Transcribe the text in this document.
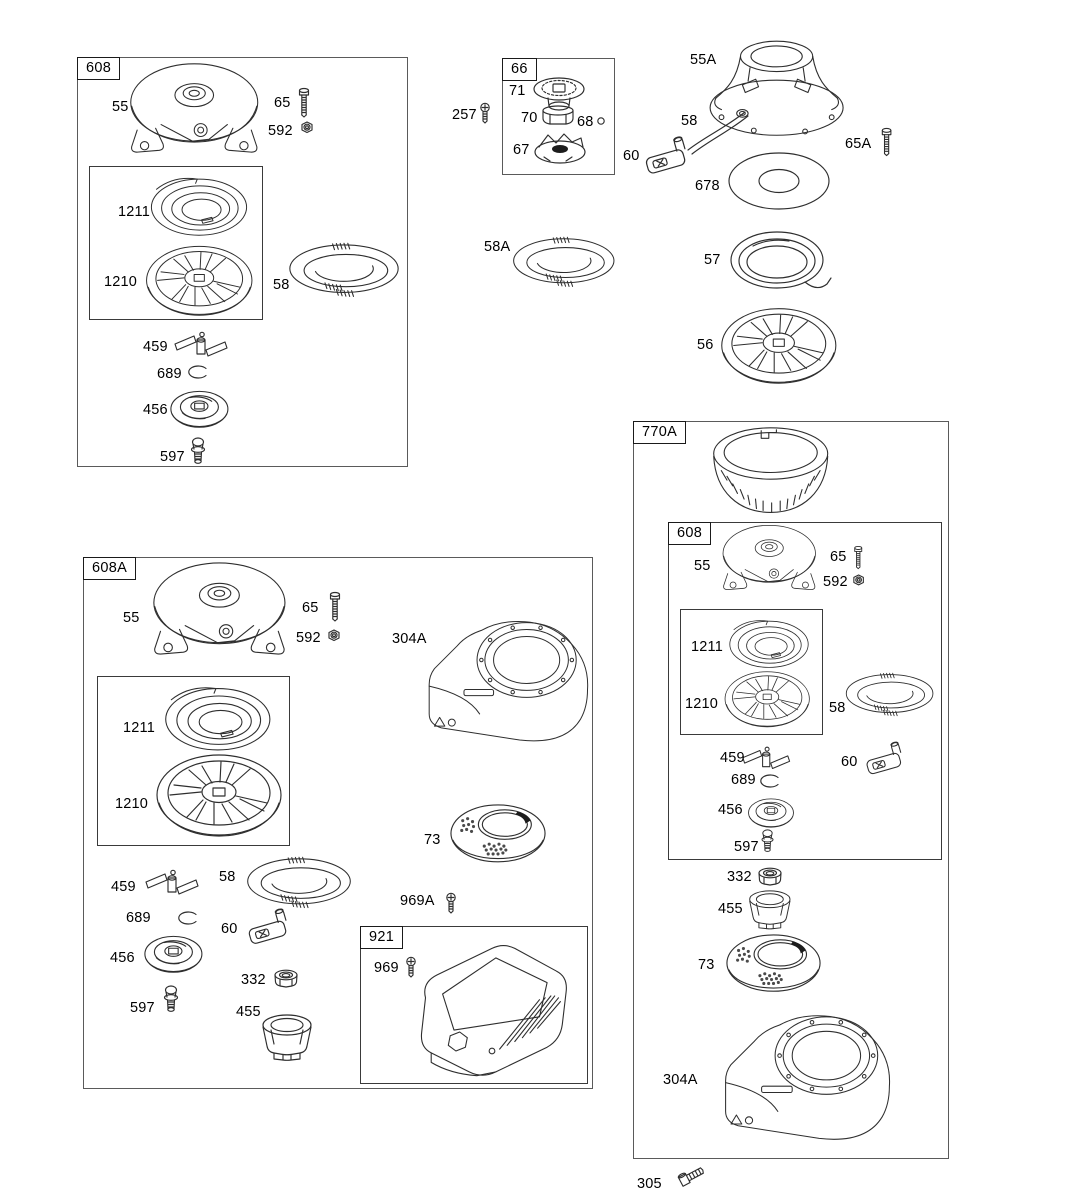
608	66
770A
608
608A
921
55	65
592
1211
1210	58
459
689
456
597
71
70	68
67
257
60
55A
58
65A
678
57
56
58A
55
65
592
1211
1210	58
459	60
689
456
597
332
455
73
304A
305
55
65
592
1211
1210
459
58
689
60
456
332
597	455
304A
73
969A
969
